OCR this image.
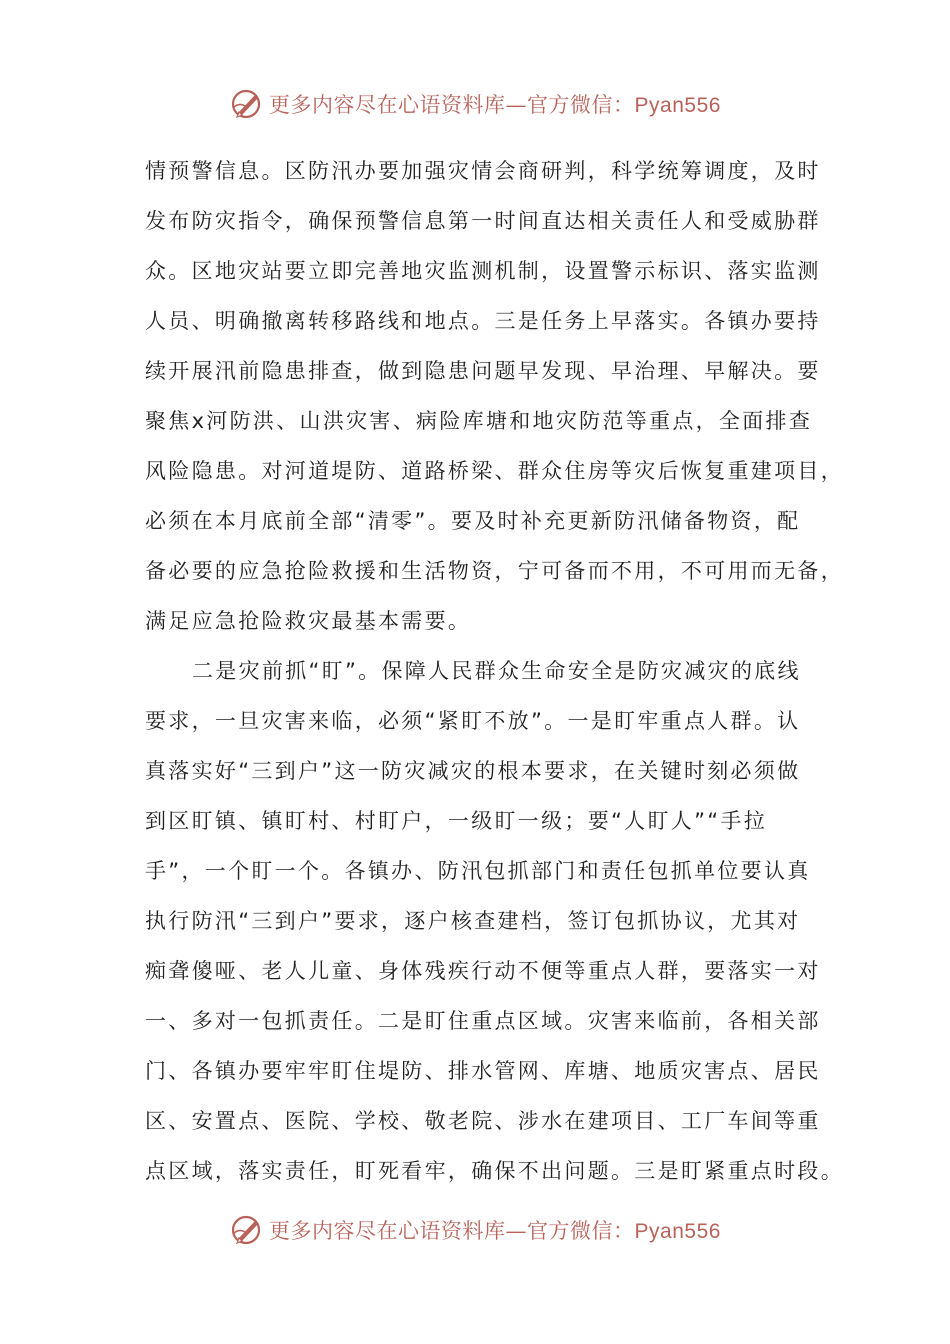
更多内容尽在心语资料库—官方微信：Pyan556
情预警信息。区防汛办要加强灾情会商研判，科学统筹调度，及时
发布防灾指令，确保预警信息第一时间直达相关责任人和受威胁群
众。区地灾站要立即完善地灾监测机制，设置警示标识、落实监测
人员、明确撤离转移路线和地点。三是任务上早落实。各镇办要持
续开展汛前隐患排查，做到隐患问题早发现、早治理、早解决。要
聚焦x河防洪、山洪灾害、病险库塘和地灾防范等重点，全面排查
风险隐患。对河道堤防、道路桥梁、群众住房等灾后恢复重建项目，
必须在本月底前全部“清零”。要及时补充更新防汛储备物资，配
备必要的应急抢险救援和生活物资，宁可备而不用，不可用而无备，
满足应急抢险救灾最基本需要。
二是灾前抓“盯”。保障人民群众生命安全是防灾减灾的底线
要求，一旦灾害来临，必须“紧盯不放”。一是盯牢重点人群。认
真落实好“三到户”这一防灾减灾的根本要求，在关键时刻必须做
到区盯镇、镇盯村、村盯户，一级盯一级；要“人盯人”“手拉
手”，一个盯一个。各镇办、防汛包抓部门和责任包抓单位要认真
执行防汛“三到户”要求，逐户核查建档，签订包抓协议，尤其对
痴聋傻哑、老人儿童、身体残疾行动不便等重点人群，要落实一对
一、多对一包抓责任。二是盯住重点区域。灾害来临前，各相关部
门、各镇办要牢牢盯住堤防、排水管网、库塘、地质灾害点、居民
区、安置点、医院、学校、敬老院、涉水在建项目、工厂车间等重
点区域，落实责任，盯死看牢，确保不出问题。三是盯紧重点时段。
更多内容尽在心语资料库—官方微信：Pyan556
